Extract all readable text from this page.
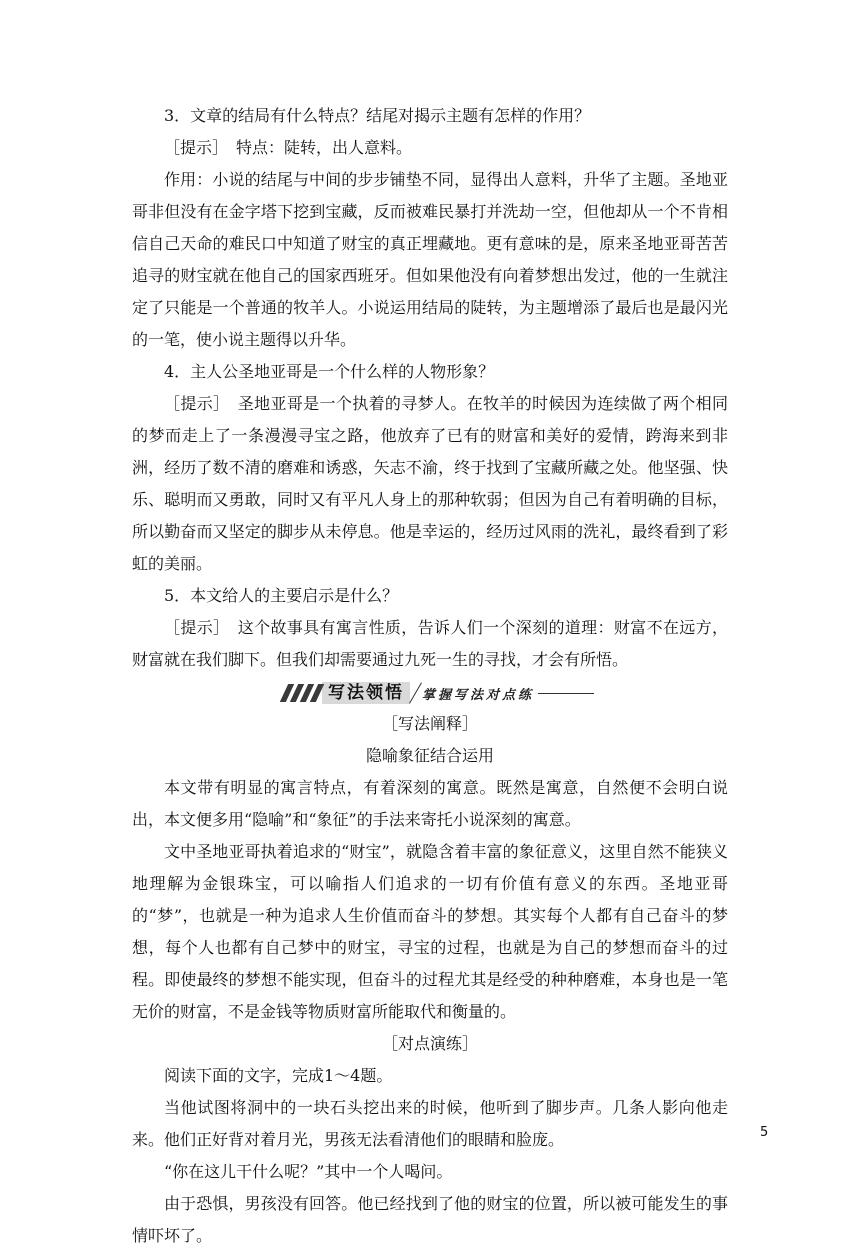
3．文章的结局有什么特点？结尾对揭示主题有怎样的作用？

［提示］　特点：陡转，出人意料。

作用：小说的结尾与中间的步步铺垫不同，显得出人意料，升华了主题。圣地亚哥非但没有在金字塔下挖到宝藏，反而被难民暴打并洗劫一空，但他却从一个不肯相信自己天命的难民口中知道了财宝的真正埋藏地。更有意味的是，原来圣地亚哥苦苦追寻的财宝就在他自己的国家西班牙。但如果他没有向着梦想出发过，他的一生就注定了只能是一个普通的牧羊人。小说运用结局的陡转，为主题增添了最后也是最闪光的一笔，使小说主题得以升华。

4．主人公圣地亚哥是一个什么样的人物形象？

［提示］　圣地亚哥是一个执着的寻梦人。在牧羊的时候因为连续做了两个相同的梦而走上了一条漫漫寻宝之路，他放弃了已有的财富和美好的爱情，跨海来到非洲，经历了数不清的磨难和诱惑，矢志不渝，终于找到了宝藏所藏之处。他坚强、快乐、聪明而又勇敢，同时又有平凡人身上的那种软弱；但因为自己有着明确的目标，所以勤奋而又坚定的脚步从未停息。他是幸运的，经历过风雨的洗礼，最终看到了彩虹的美丽。

5．本文给人的主要启示是什么？

［提示］　这个故事具有寓言性质，告诉人们一个深刻的道理：财富不在远方，财富就在我们脚下。但我们却需要通过九死一生的寻找，才会有所悟。

写法领悟	掌握写法对点练

［写法阐释］

隐喻象征结合运用

本文带有明显的寓言特点，有着深刻的寓意。既然是寓意，自然便不会明白说出，本文便多用“隐喻”和“象征”的手法来寄托小说深刻的寓意。

文中圣地亚哥执着追求的“财宝”，就隐含着丰富的象征意义，这里自然不能狭义地理解为金银珠宝，可以喻指人们追求的一切有价值有意义的东西。圣地亚哥的“梦”，也就是一种为追求人生价值而奋斗的梦想。其实每个人都有自己奋斗的梦想，每个人也都有自己梦中的财宝，寻宝的过程，也就是为自己的梦想而奋斗的过程。即使最终的梦想不能实现，但奋斗的过程尤其是经受的种种磨难，本身也是一笔无价的财富，不是金钱等物质财富所能取代和衡量的。

［对点演练］

阅读下面的文字，完成1～4题。

当他试图将洞中的一块石头挖出来的时候，他听到了脚步声。几条人影向他走来。他们正好背对着月光，男孩无法看清他们的眼睛和脸庞。

“你在这儿干什么呢？”其中一个人喝问。

由于恐惧，男孩没有回答。他已经找到了他的财宝的位置，所以被可能发生的事情吓坏了。

5
